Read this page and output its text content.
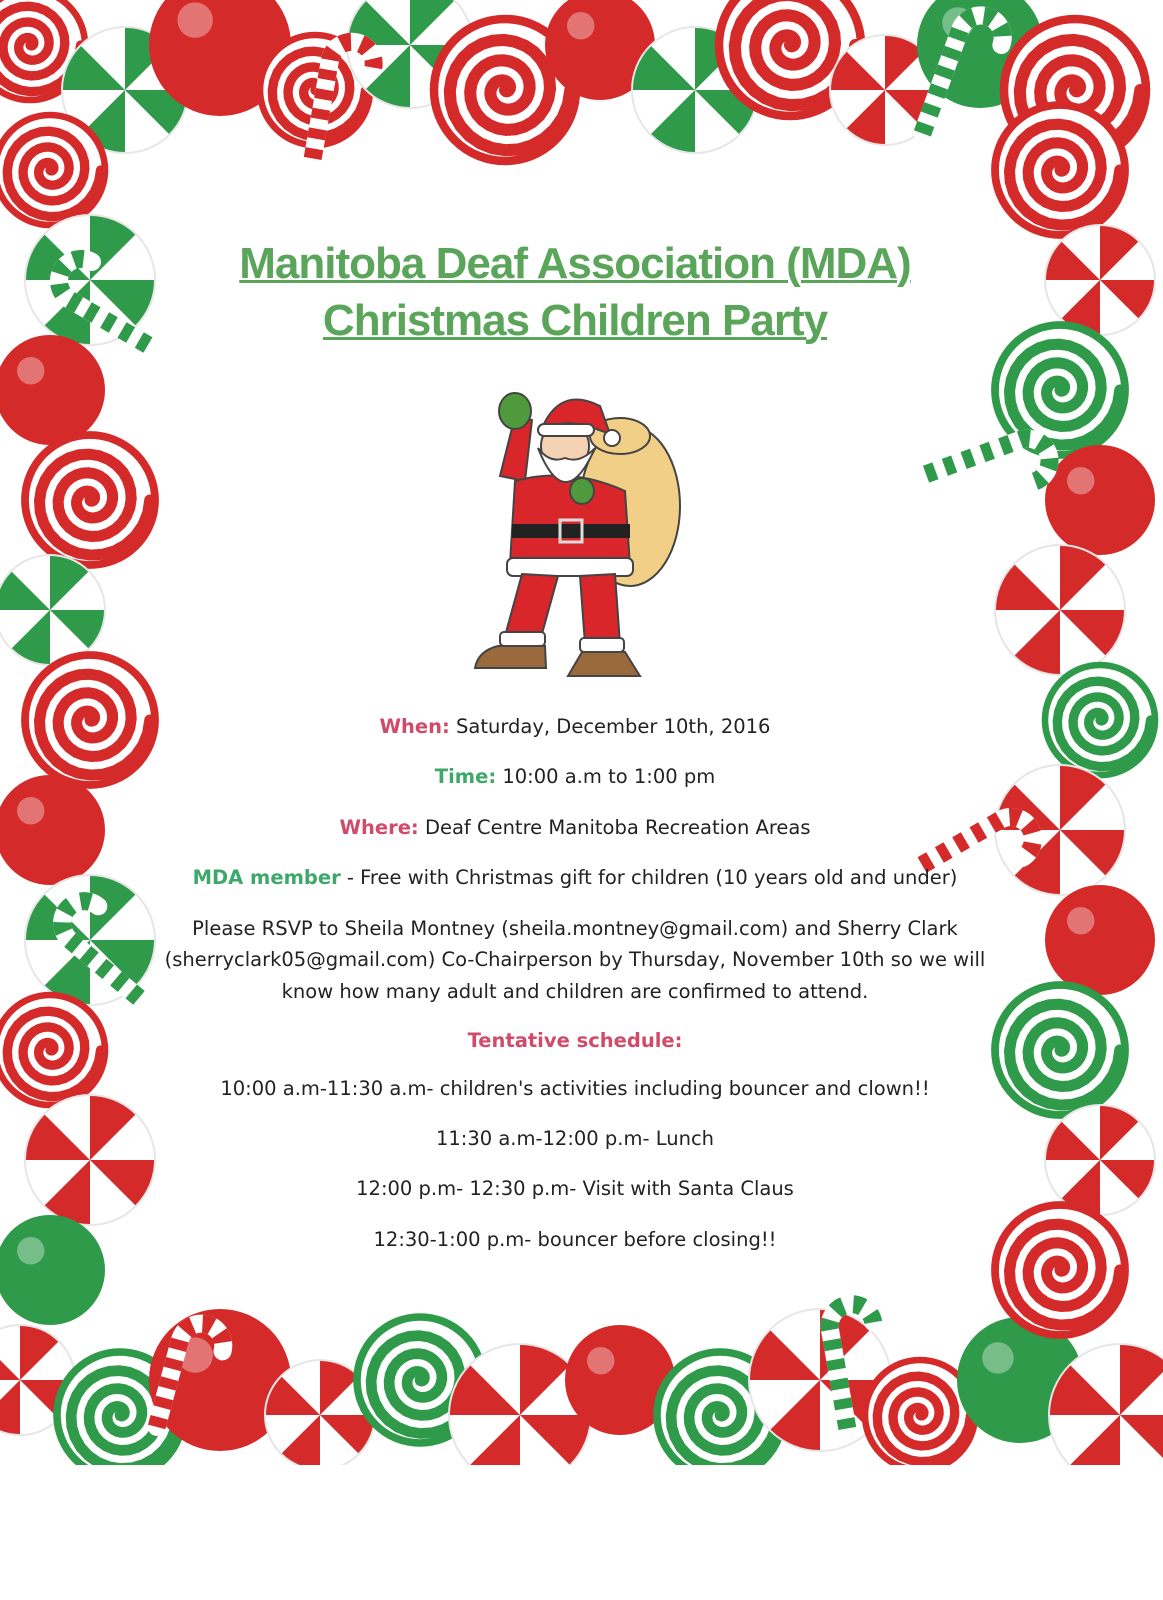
Manitoba Deaf Association (MDA)
Christmas Children Party

When: Saturday, December 10th, 2016

Time: 10:00 a.m to 1:00 pm

Where: Deaf Centre Manitoba Recreation Areas

MDA member - Free with Christmas gift for children (10 years old and under)

Please RSVP to Sheila Montney (sheila.montney@gmail.com) and Sherry Clark (sherryclark05@gmail.com) Co-Chairperson by Thursday, November 10th so we will know how many adult and children are confirmed to attend.

Tentative schedule:

10:00 a.m-11:30 a.m- children's activities including bouncer and clown!!

11:30 a.m-12:00 p.m- Lunch

12:00 p.m- 12:30 p.m- Visit with Santa Claus

12:30-1:00 p.m- bouncer before closing!!
